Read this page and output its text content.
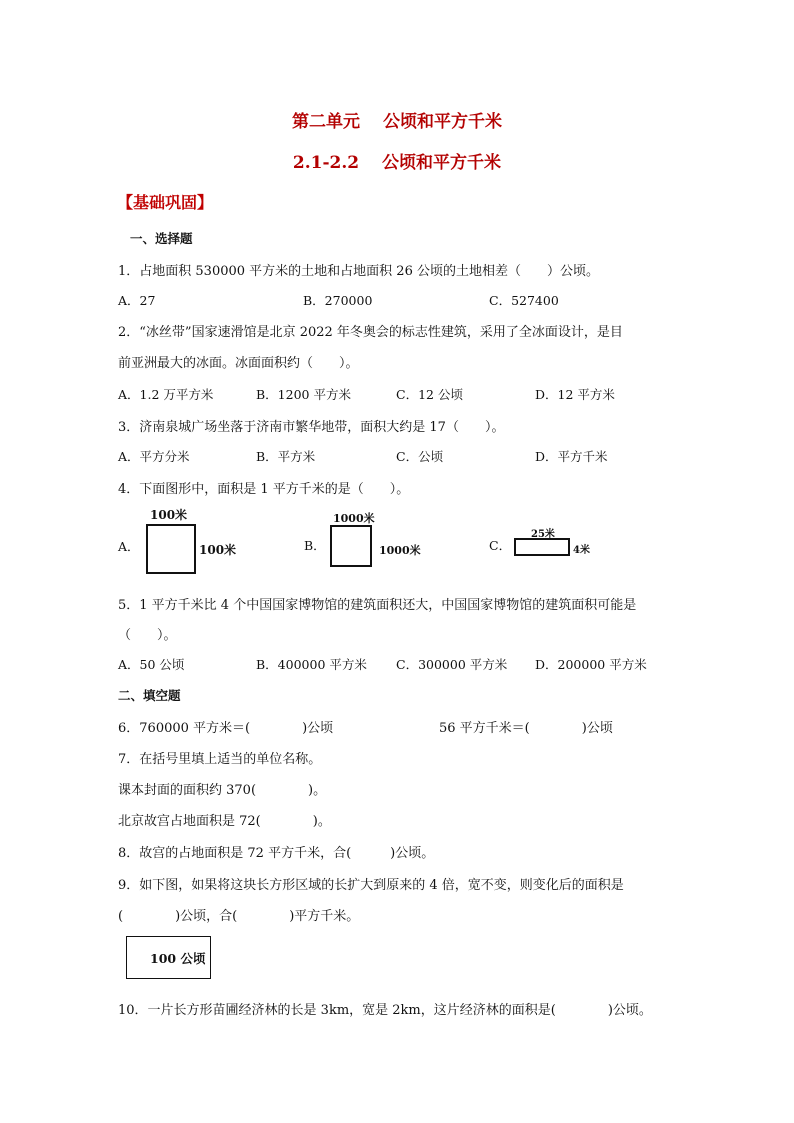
第二单元　 公顷和平方千米
2.1-2.2　 公顷和平方千米
【基础巩固】
一、选择题
1．占地面积 530000 平方米的土地和占地面积 26 公顷的土地相差（　　）公顷。
A．27	B．270000	C．527400
2．“冰丝带”国家速滑馆是北京 2022 年冬奥会的标志性建筑，采用了全冰面设计，是目
前亚洲最大的冰面。冰面面积约（　　）。
A．1.2 万平方米	B．1200 平方米	C．12 公顷	D．12 平方米
3．济南泉城广场坐落于济南市繁华地带，面积大约是 17（　　）。
A．平方分米	B．平方米	C．公顷	D．平方千米
4．下面图形中，面积是 1 平方千米的是（　　）。
A．
100米
100米	B．
1000米
1000米	C．
25米
4米
5．1 平方千米比 4 个中国国家博物馆的建筑面积还大，中国国家博物馆的建筑面积可能是
（　　）。
A．50 公顷	B．400000 平方米 C．300000 平方米 D．200000 平方米
二、填空题
6．760000 平方米＝(　　　　)公顷	56 平方千米＝(　　　　)公顷
7．在括号里填上适当的单位名称。
课本封面的面积约 370(　　　　)。
北京故宫占地面积是 72(　　　　)。
8．故宫的占地面积是 72 平方千米，合(　　　)公顷。
9．如下图，如果将这块长方形区域的长扩大到原来的 4 倍，宽不变，则变化后的面积是
(　　　　)公顷，合(　　　　)平方千米。
100 公顷
10．一片长方形苗圃经济林的长是 3km，宽是 2km，这片经济林的面积是(　　　　)公顷。
